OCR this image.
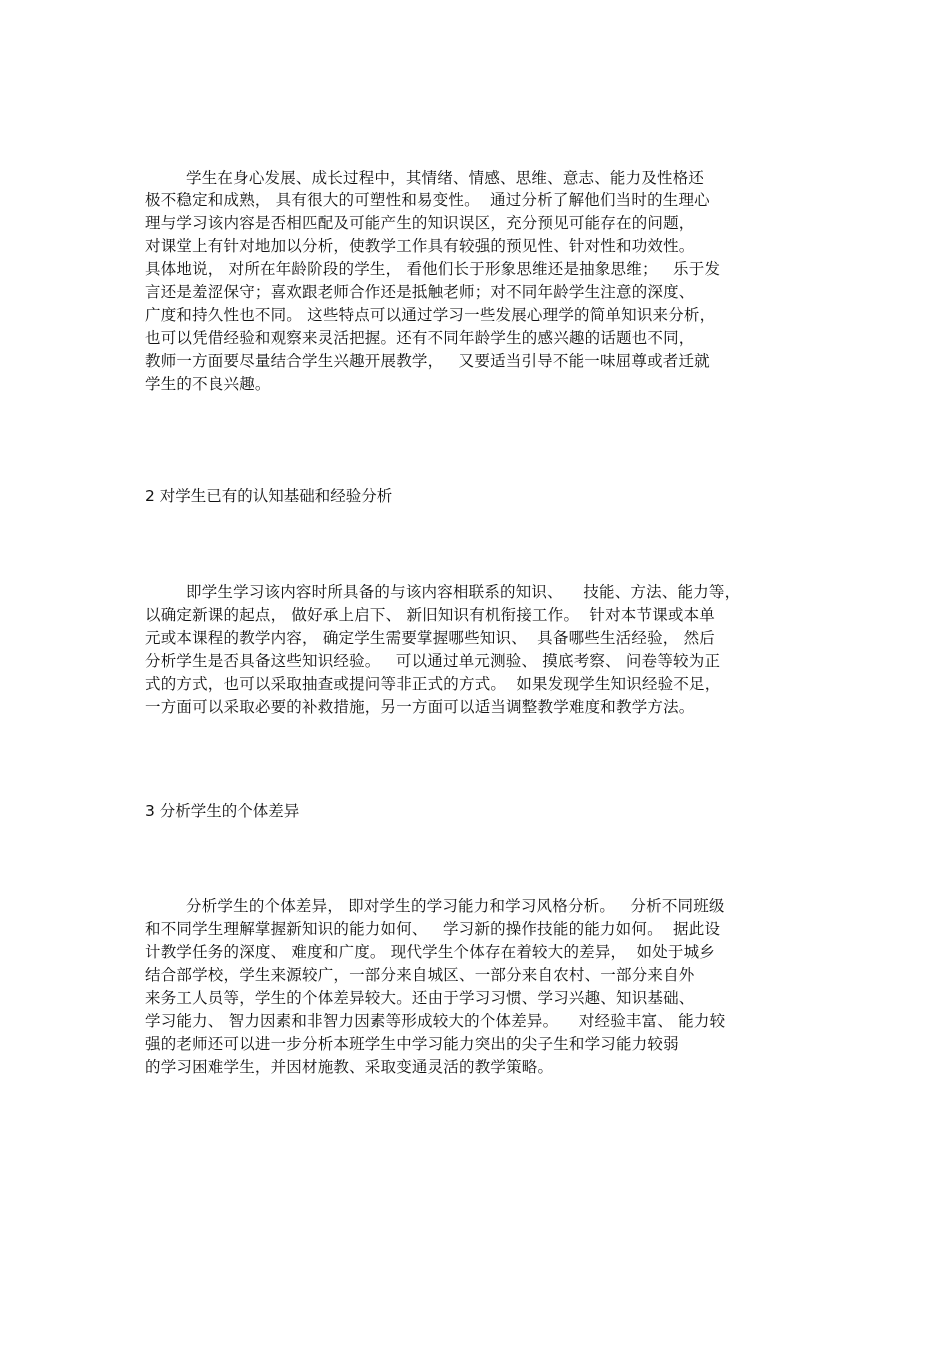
学生在身心发展、成长过程中，其情绪、情感、思维、意志、能力及性格还
极不稳定和成熟， 具有很大的可塑性和易变性。  通过分析了解他们当时的生理心
理与学习该内容是否相匹配及可能产生的知识误区，充分预见可能存在的问题，
对课堂上有针对地加以分析，使教学工作具有较强的预见性、针对性和功效性。
具体地说， 对所在年龄阶段的学生， 看他们长于形象思维还是抽象思维；   乐于发
言还是羞涩保守；喜欢跟老师合作还是抵触老师；对不同年龄学生注意的深度、
广度和持久性也不同。 这些特点可以通过学习一些发展心理学的简单知识来分析，
也可以凭借经验和观察来灵活把握。还有不同年龄学生的感兴趣的话题也不同，
教师一方面要尽量结合学生兴趣开展教学，   又要适当引导不能一味屈尊或者迁就
学生的不良兴趣。
2 对学生已有的认知基础和经验分析
即学生学习该内容时所具备的与该内容相联系的知识、    技能、方法、能力等，
以确定新课的起点， 做好承上启下、 新旧知识有机衔接工作。  针对本节课或本单
元或本课程的教学内容， 确定学生需要掌握哪些知识、  具备哪些生活经验， 然后
分析学生是否具备这些知识经验。   可以通过单元测验、 摸底考察、 问卷等较为正
式的方式，也可以采取抽查或提问等非正式的方式。  如果发现学生知识经验不足，
一方面可以采取必要的补救措施，另一方面可以适当调整教学难度和教学方法。
3 分析学生的个体差异
分析学生的个体差异， 即对学生的学习能力和学习风格分析。   分析不同班级
和不同学生理解掌握新知识的能力如何、   学习新的操作技能的能力如何。  据此设
计教学任务的深度、 难度和广度。 现代学生个体存在着较大的差异，  如处于城乡
结合部学校，学生来源较广，一部分来自城区、一部分来自农村、一部分来自外
来务工人员等，学生的个体差异较大。还由于学习习惯、学习兴趣、知识基础、
学习能力、 智力因素和非智力因素等形成较大的个体差异。    对经验丰富、 能力较
强的老师还可以进一步分析本班学生中学习能力突出的尖子生和学习能力较弱
的学习困难学生，并因材施教、采取变通灵活的教学策略。
